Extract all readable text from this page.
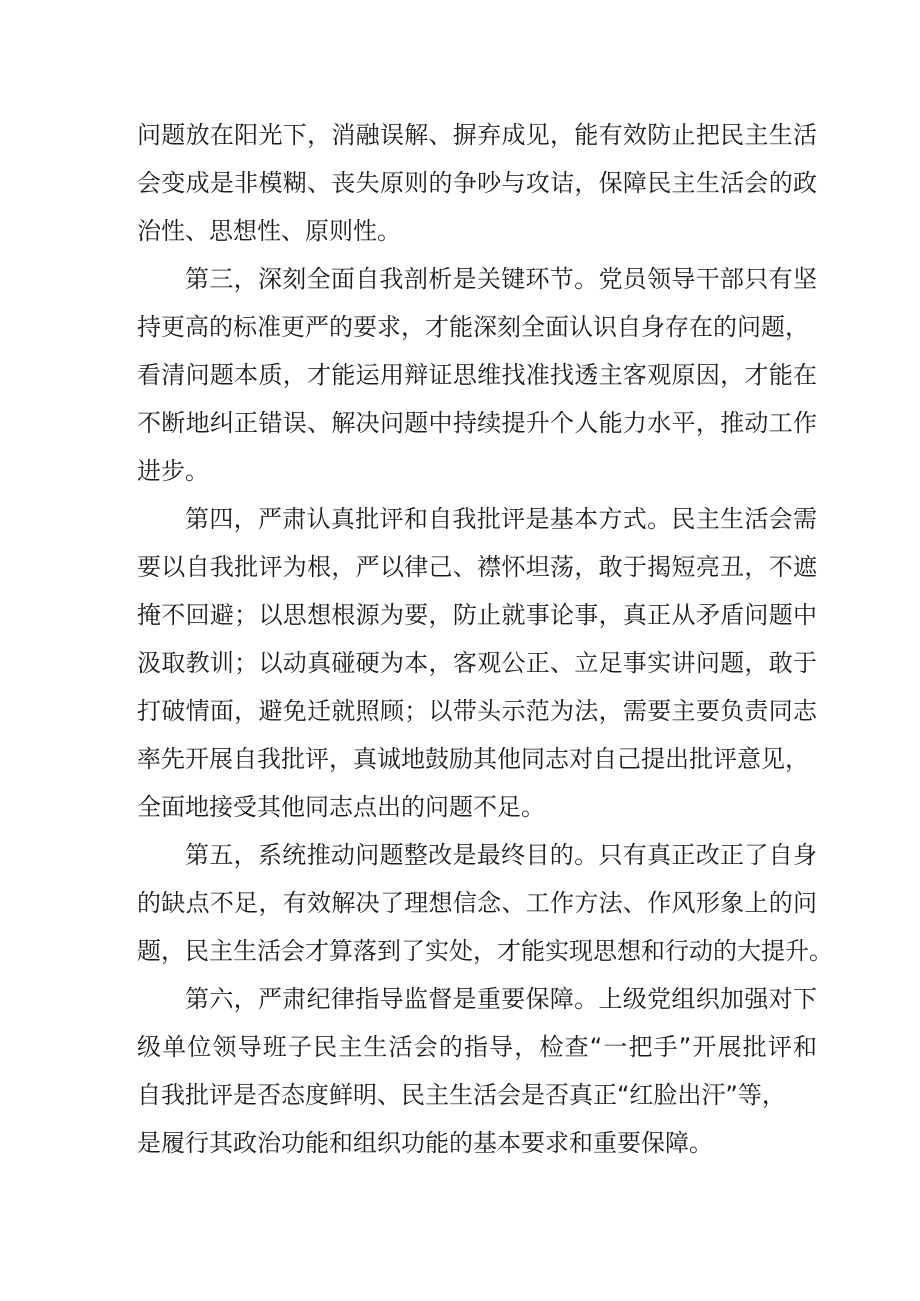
问题放在阳光下，消融误解、摒弃成见，能有效防止把民主生活
会变成是非模糊、丧失原则的争吵与攻诘，保障民主生活会的政
治性、思想性、原则性。

第三，深刻全面自我剖析是关键环节。党员领导干部只有坚
持更高的标准更严的要求，才能深刻全面认识自身存在的问题，
看清问题本质，才能运用辩证思维找准找透主客观原因，才能在
不断地纠正错误、解决问题中持续提升个人能力水平，推动工作
进步。

第四，严肃认真批评和自我批评是基本方式。民主生活会需
要以自我批评为根，严以律己、襟怀坦荡，敢于揭短亮丑，不遮
掩不回避；以思想根源为要，防止就事论事，真正从矛盾问题中
汲取教训；以动真碰硬为本，客观公正、立足事实讲问题，敢于
打破情面，避免迁就照顾；以带头示范为法，需要主要负责同志
率先开展自我批评，真诚地鼓励其他同志对自己提出批评意见，
全面地接受其他同志点出的问题不足。

第五，系统推动问题整改是最终目的。只有真正改正了自身
的缺点不足，有效解决了理想信念、工作方法、作风形象上的问
题，民主生活会才算落到了实处，才能实现思想和行动的大提升。

第六，严肃纪律指导监督是重要保障。上级党组织加强对下
级单位领导班子民主生活会的指导，检查“一把手”开展批评和
自我批评是否态度鲜明、民主生活会是否真正“红脸出汗”等，
是履行其政治功能和组织功能的基本要求和重要保障。
